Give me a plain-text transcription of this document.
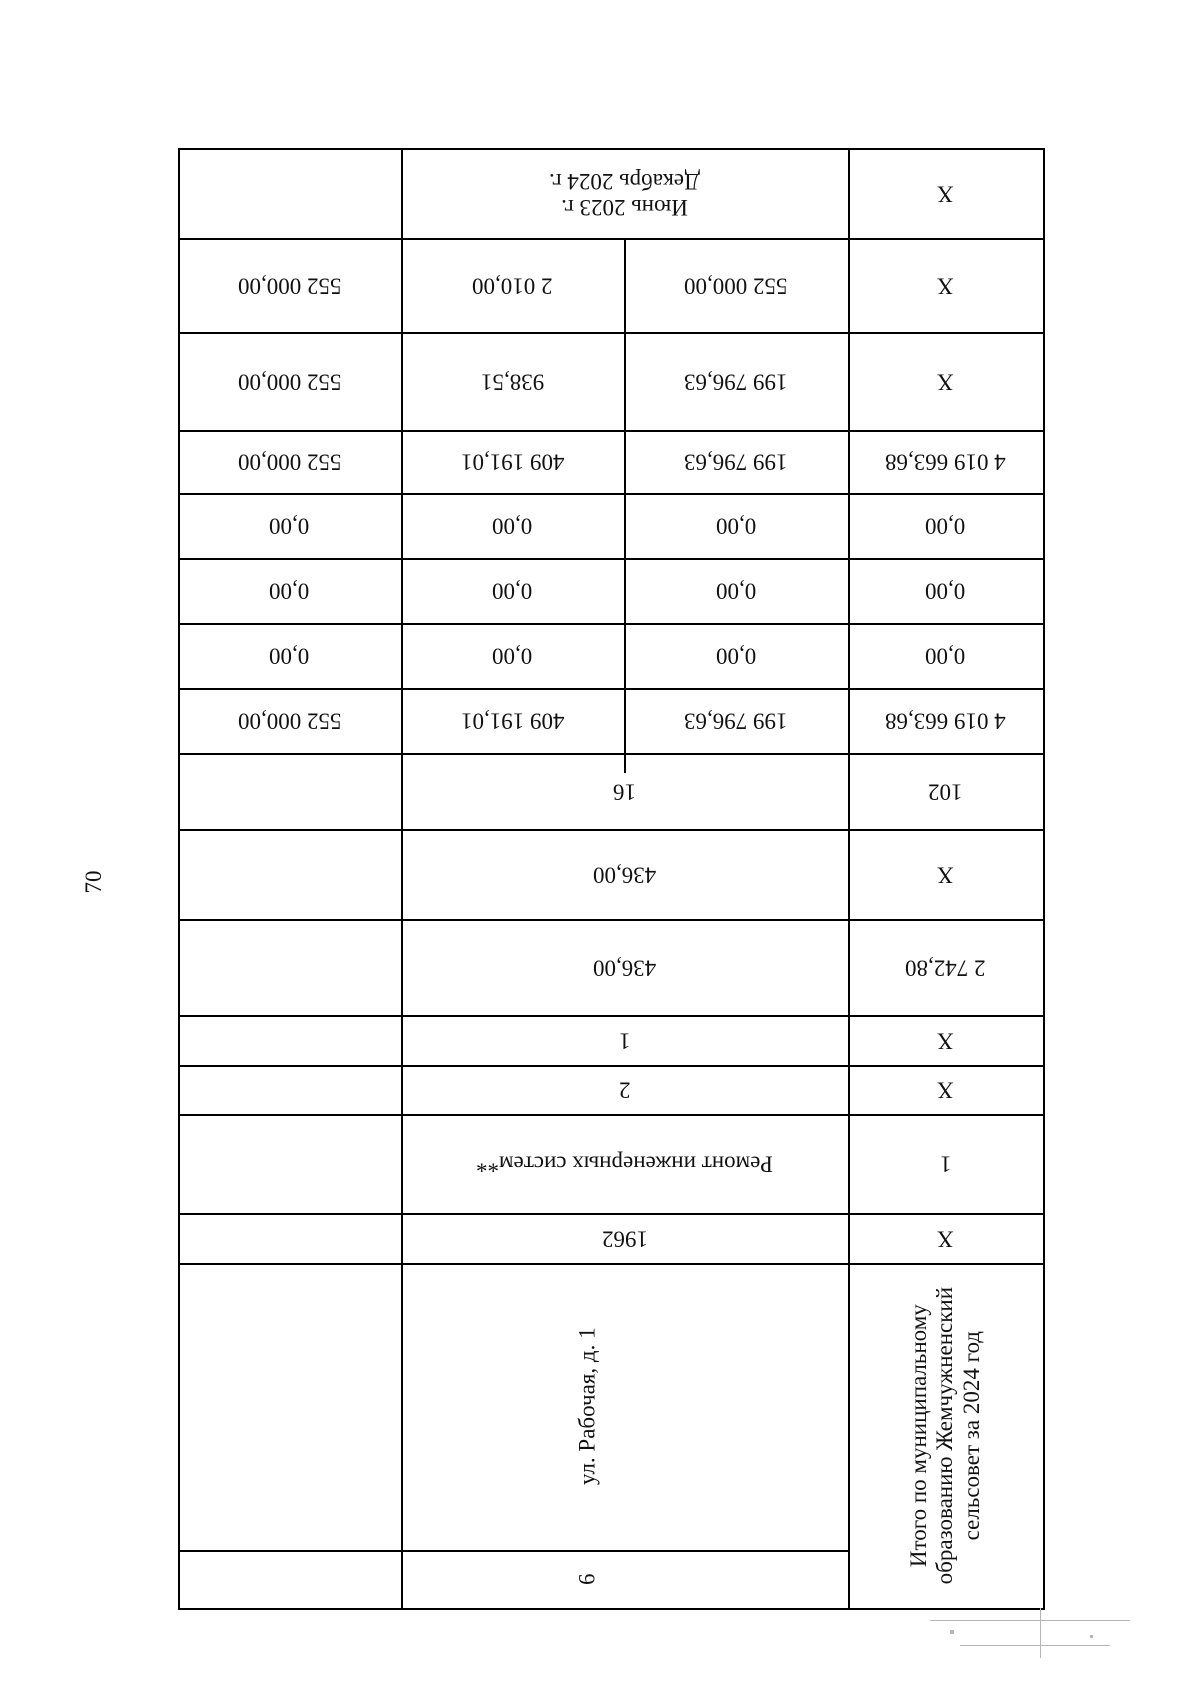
70
X
Июнь 2023 г.
Декабрь 2024 г.
X
552 000,00
2 010,00
552 000,00
X
199 796,63
938,51
552 000,00
4 019 663,68
199 796,63
409 191,01
552 000,00
0,00
0,00
0,00
0,00
0,00
0,00
0,00
0,00
0,00
0,00
0,00
0,00
4 019 663,68
199 796,63
409 191,01
552 000,00
102
16
X
436,00
2 742,80
436,00
X
1
X
2
1
Ремонт инженерных систем**
X
1962
Итого по муниципальному
образованию Жемчужненский
сельсовет за 2024 год
ул. Рабочая, д. 1
6
